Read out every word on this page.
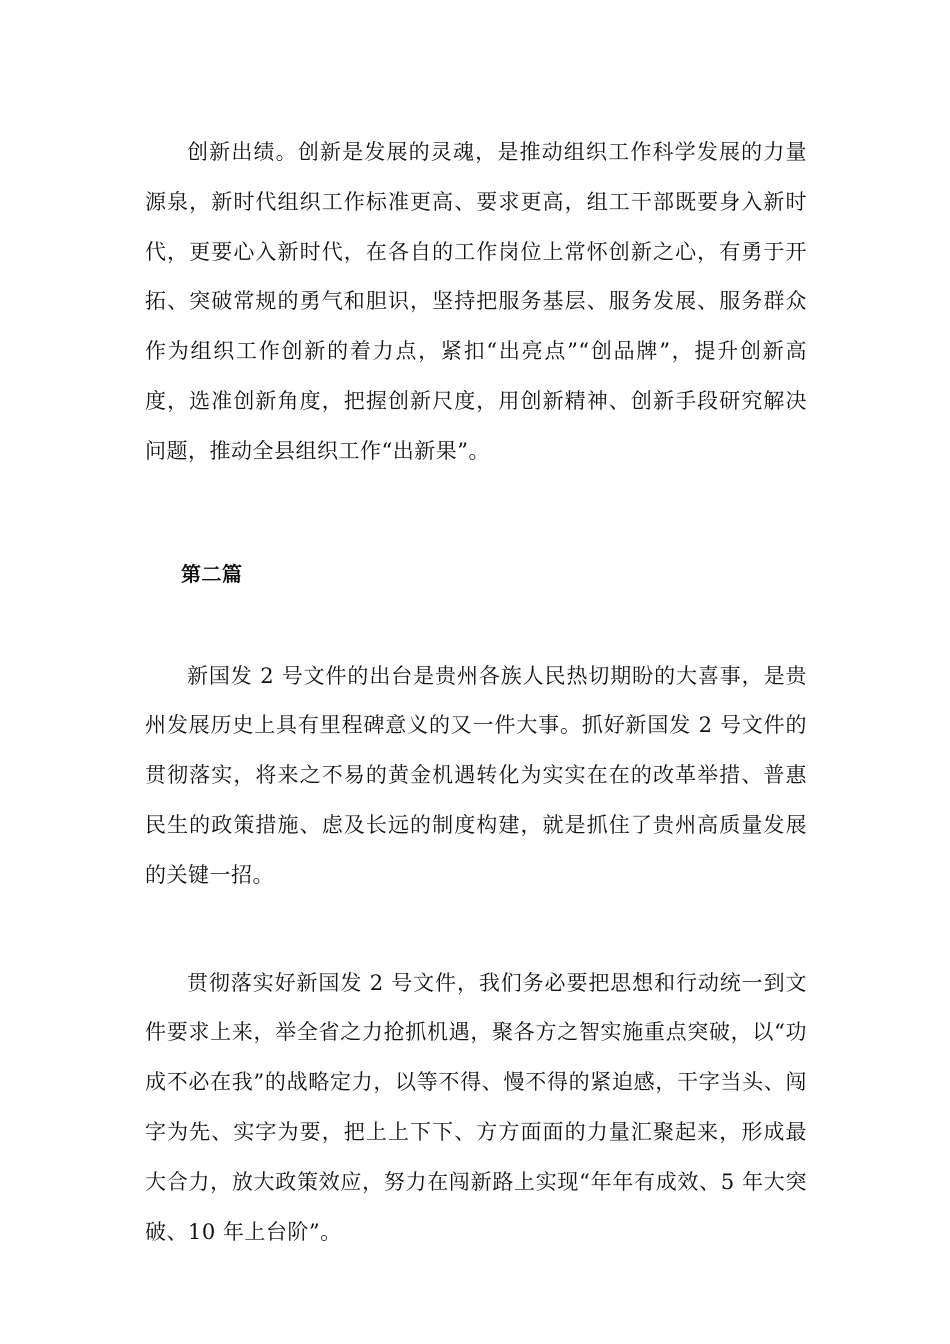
创新出绩。创新是发展的灵魂，是推动组织工作科学发展的力量源泉，新时代组织工作标准更高、要求更高，组工干部既要身入新时代，更要心入新时代，在各自的工作岗位上常怀创新之心，有勇于开拓、突破常规的勇气和胆识，坚持把服务基层、服务发展、服务群众作为组织工作创新的着力点，紧扣“出亮点”“创品牌”，提升创新高度，选准创新角度，把握创新尺度，用创新精神、创新手段研究解决问题，推动全县组织工作“出新果”。

第二篇

新国发 2 号文件的出台是贵州各族人民热切期盼的大喜事，是贵州发展历史上具有里程碑意义的又一件大事。抓好新国发 2 号文件的贯彻落实，将来之不易的黄金机遇转化为实实在在的改革举措、普惠民生的政策措施、虑及长远的制度构建，就是抓住了贵州高质量发展的关键一招。

贯彻落实好新国发 2 号文件，我们务必要把思想和行动统一到文件要求上来，举全省之力抢抓机遇，聚各方之智实施重点突破，以“功成不必在我”的战略定力，以等不得、慢不得的紧迫感，干字当头、闯字为先、实字为要，把上上下下、方方面面的力量汇聚起来，形成最大合力，放大政策效应，努力在闯新路上实现“年年有成效、5 年大突破、10 年上台阶”。
